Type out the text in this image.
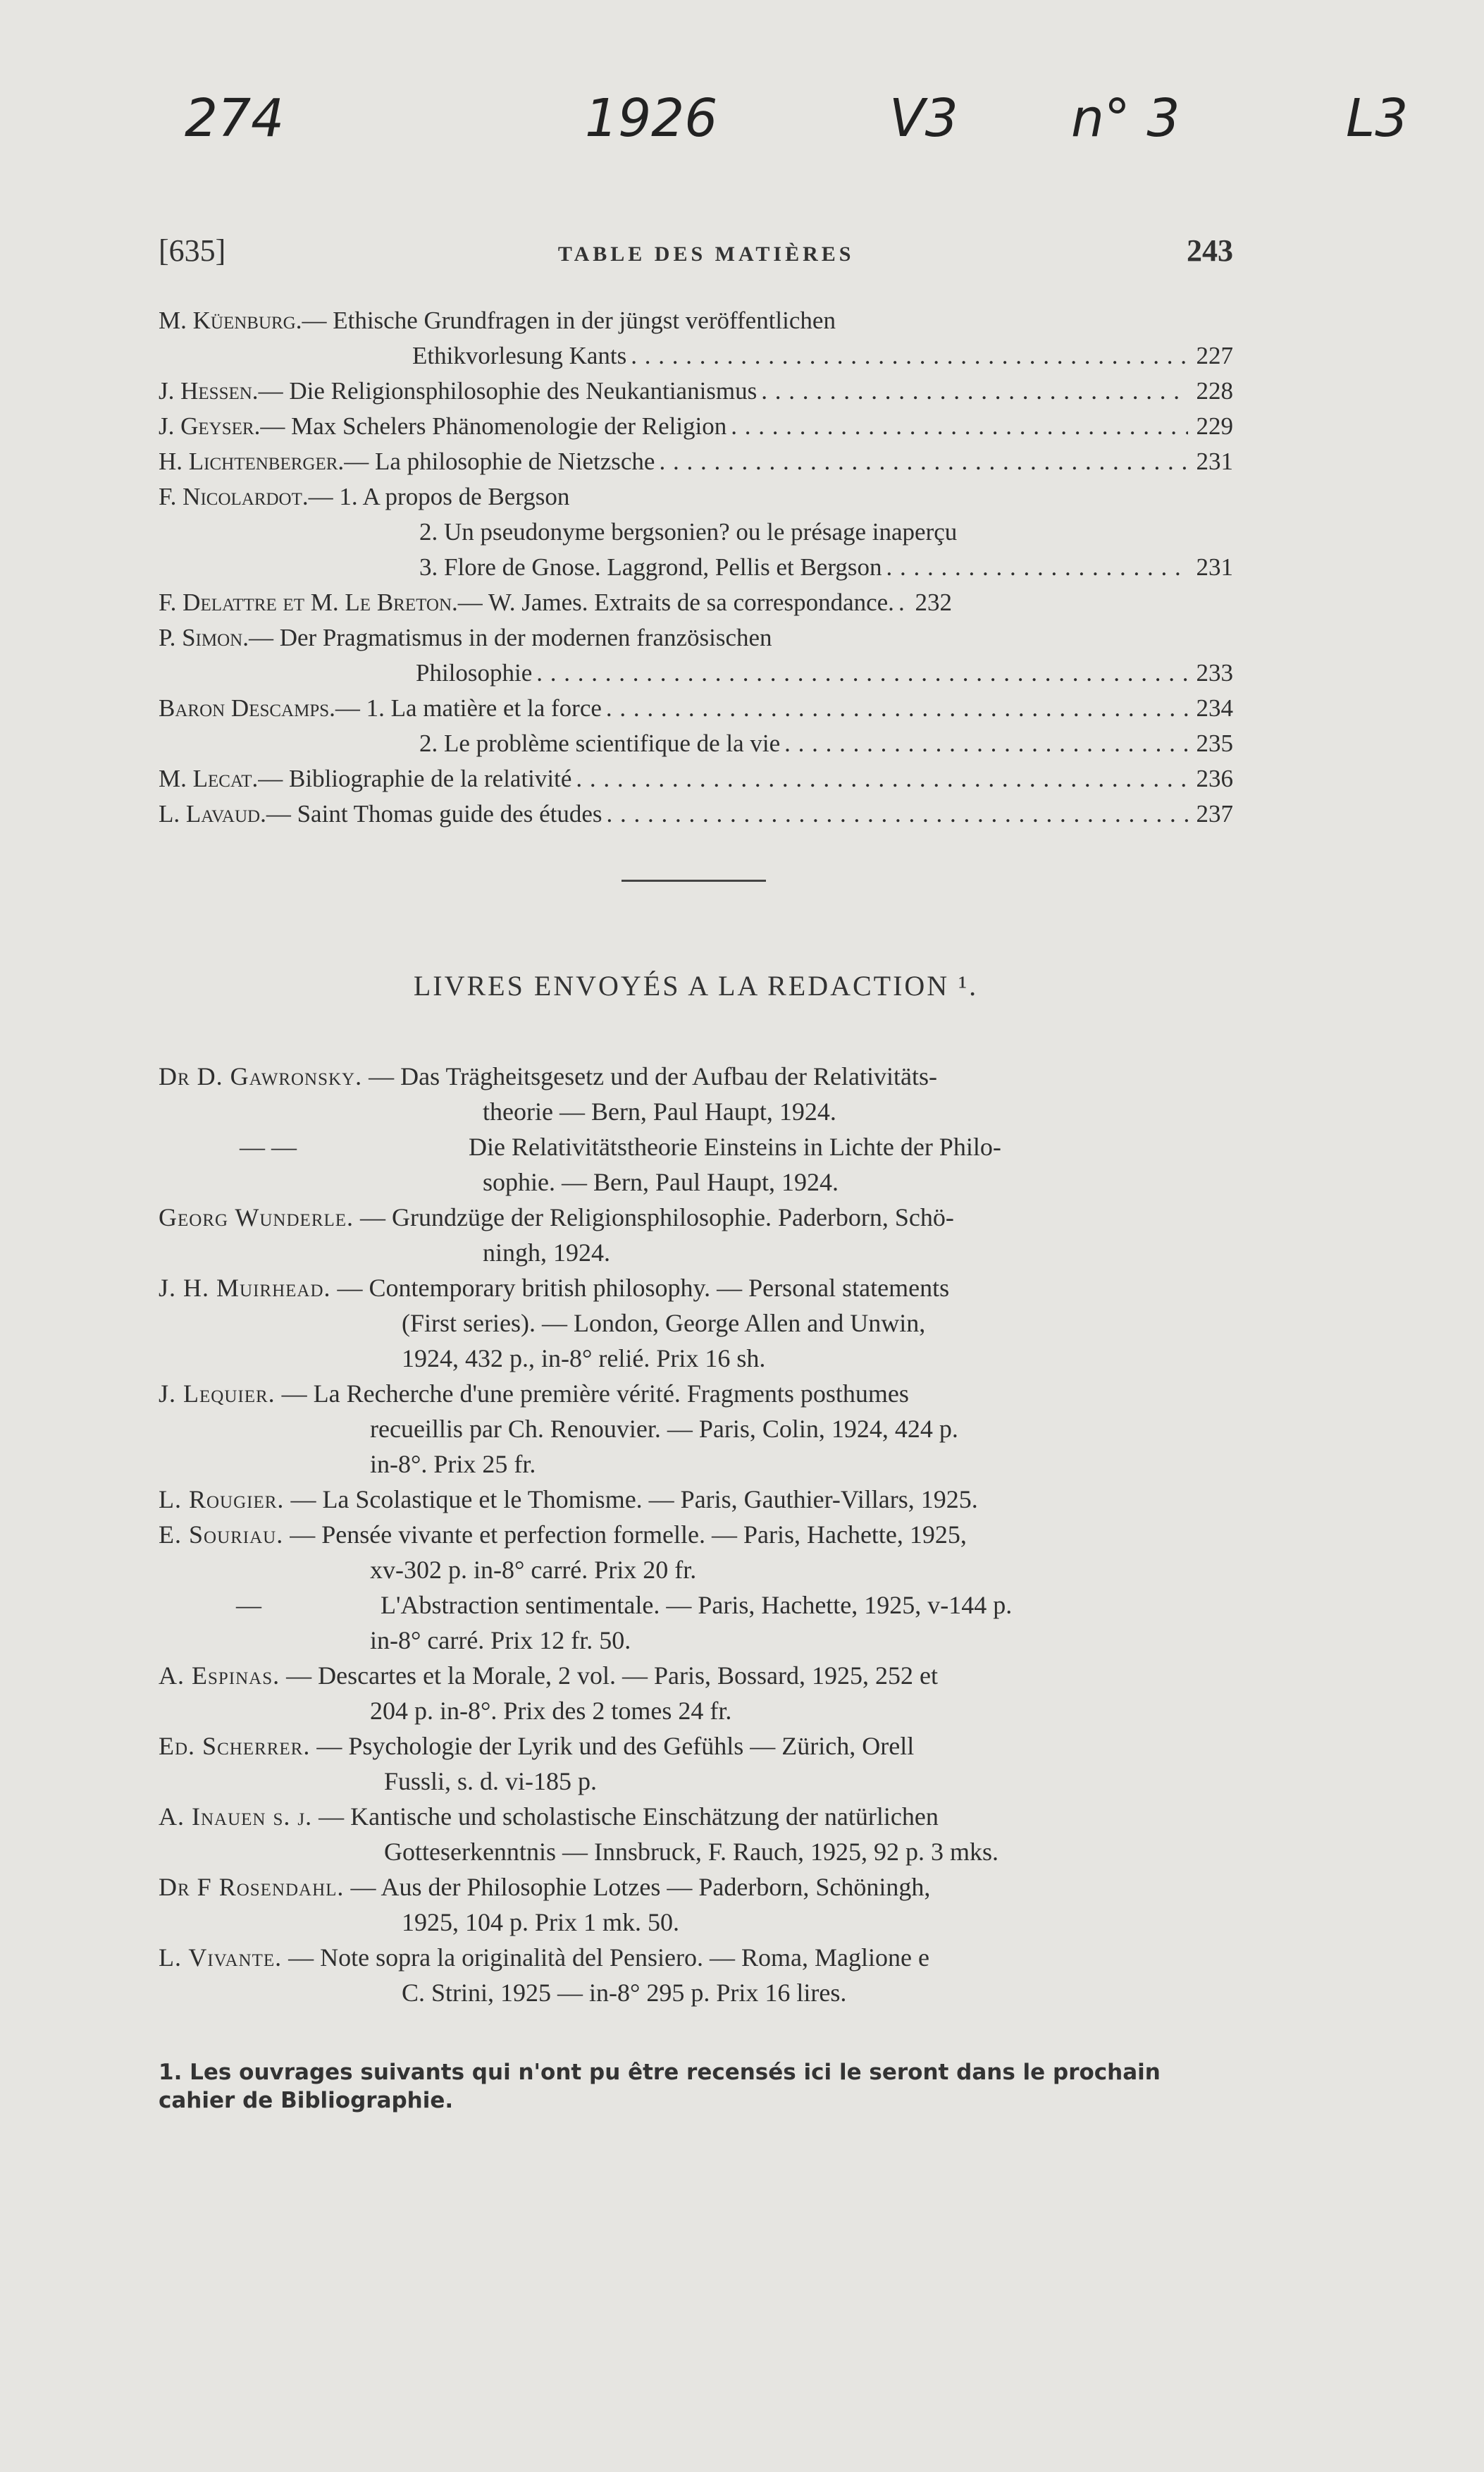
274	1926	V3 n° 3	L3
[635]	TABLE DES MATIÈRES	243
M. Küenburg. — Ethische Grundfragen in der jüngst veröffentlichen
Ethikvorlesung Kants . . .	227
J. Hessen. — Die Religionsphilosophie des Neukantianismus . . .	228
J. Geyser. — Max Schelers Phänomenologie der Religion . . .	229
H. Lichtenberger. — La philosophie de Nietzsche . . .	231
F. Nicolardot. — 1. A propos de Bergson
2. Un pseudonyme bergsonien? ou le présage inaperçu
3. Flore de Gnose. Laggrond, Pellis et Bergson . . .	231
F. Delattre et M. Le Breton. — W. James. Extraits de sa correspondance. . . . 232
P. Simon. — Der Pragmatismus in der modernen französischen
Philosophie . . .	233
Baron Descamps. — 1. La matière et la force . . .	234
2. Le problème scientifique de la vie . . .	235
M. Lecat. — Bibliographie de la relativité . . .	236
L. Lavaud. — Saint Thomas guide des études . . .	237
LIVRES ENVOYÉS A LA REDACTION ¹.
Dr D. Gawronsky. — Das Trägheitsgesetz und der Aufbau der Relativitäts-
theorie — Bern, Paul Haupt, 1924.
— —	Die Relativitätstheorie Einsteins in Lichte der Philo-
sophie. — Bern, Paul Haupt, 1924.
Georg Wunderle. — Grundzüge der Religionsphilosophie. Paderborn, Schö-
ningh, 1924.
J. H. Muirhead. — Contemporary british philosophy. — Personal statements
(First series). — London, George Allen and Unwin,
1924, 432 p., in-8° relié. Prix 16 sh.
J. Lequier. — La Recherche d'une première vérité. Fragments posthumes
recueillis par Ch. Renouvier. — Paris, Colin, 1924, 424 p.
in-8°. Prix 25 fr.
L. Rougier. — La Scolastique et le Thomisme. — Paris, Gauthier-Villars, 1925.
E. Souriau. — Pensée vivante et perfection formelle. — Paris, Hachette, 1925,
xv-302 p. in-8° carré. Prix 20 fr.
—	L'Abstraction sentimentale. — Paris, Hachette, 1925, v-144 p.
in-8° carré. Prix 12 fr. 50.
A. Espinas. — Descartes et la Morale, 2 vol. — Paris, Bossard, 1925, 252 et
204 p. in-8°. Prix des 2 tomes 24 fr.
Ed. Scherrer. — Psychologie der Lyrik und des Gefühls — Zürich, Orell
Fussli, s. d. vi-185 p.
A. Inauen s. j. — Kantische und scholastische Einschätzung der natürlichen
Gotteserkenntnis — Innsbruck, F. Rauch, 1925, 92 p. 3 mks.
Dr F Rosendahl. — Aus der Philosophie Lotzes — Paderborn, Schöningh,
1925, 104 p. Prix 1 mk. 50.
L. Vivante. — Note sopra la originalità del Pensiero. — Roma, Maglione e
C. Strini, 1925 — in-8° 295 p. Prix 16 lires.
1. Les ouvrages suivants qui n'ont pu être recensés ici le seront dans le prochain
cahier de Bibliographie.
